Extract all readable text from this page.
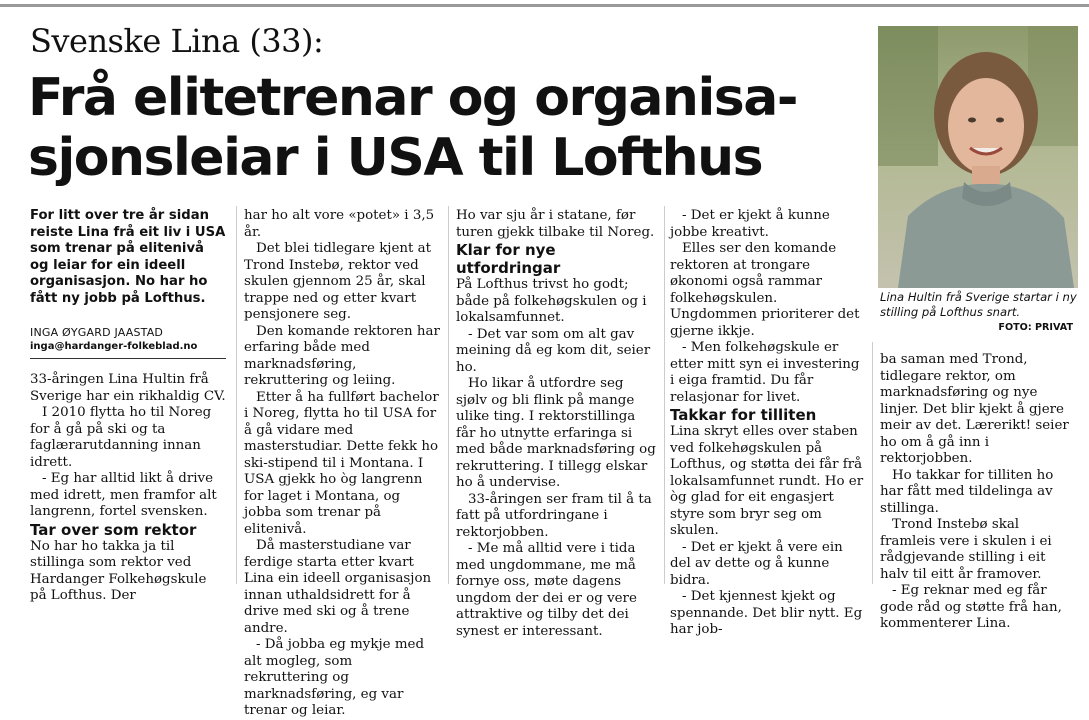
Svenske Lina (33):
Frå elitetrenar og organisa-
sjonsleiar i USA til Lofthus
For litt over tre år sidan reiste Lina frå eit liv i USA som trenar på elitenivå og leiar for ein ideell organisasjon. No har ho fått ny jobb på Lofthus.
INGA ØYGARD JAASTAD
inga@hardanger-folkeblad.no

33-åringen Lina Hultin frå Sverige har ein rikhaldig CV.

I 2010 flytta ho til Noreg for å gå på ski og ta faglærarutdanning innan idrett.

- Eg har alltid likt å drive med idrett, men framfor alt langrenn, fortel svensken.

Tar over som rektor

No har ho takka ja til stillinga som rektor ved Hardanger Folkehøgskule på Lofthus. Der

har ho alt vore «potet» i 3,5 år.

Det blei tidlegare kjent at Trond Instebø, rektor ved skulen gjennom 25 år, skal trappe ned og etter kvart pensjonere seg.

Den komande rektoren har erfaring både med marknadsføring, rekruttering og leiing.

Etter å ha fullført bachelor i Noreg, flytta ho til USA for å gå vidare med masterstudiar. Dette fekk ho ski-stipend til i Montana. I USA gjekk ho òg langrenn for laget i Montana, og jobba som trenar på elitenivå.

Då masterstudiane var ferdige starta etter kvart Lina ein ideell organisasjon innan uthaldsidrett for å drive med ski og å trene andre.

- Då jobba eg mykje med alt mogleg, som rekruttering og marknadsføring, eg var trenar og leiar.

Ho var sju år i statane, før turen gjekk tilbake til Noreg.

Klar for nye utfordringar

På Lofthus trivst ho godt; både på folkehøgskulen og i lokalsamfunnet.

- Det var som om alt gav meining då eg kom dit, seier ho.

Ho likar å utfordre seg sjølv og bli flink på mange ulike ting. I rektorstillinga får ho utnytte erfaringa si med både marknadsføring og rekruttering. I tillegg elskar ho å undervise.

33-åringen ser fram til å ta fatt på utfordringane i rektorjobben.

- Me må alltid vere i tida med ungdommane, me må fornye oss, møte dagens ungdom der dei er og vere attraktive og tilby det dei synest er interessant.

- Det er kjekt å kunne jobbe kreativt.

Elles ser den komande rektoren at trongare økonomi også rammar folkehøgskulen. Ungdommen prioriterer det gjerne ikkje.

- Men folkehøgskule er etter mitt syn ei investering i eiga framtid. Du får relasjonar for livet.

Takkar for tilliten

Lina skryt elles over staben ved folkehøgskulen på Lofthus, og støtta dei får frå lokalsamfunnet rundt. Ho er òg glad for eit engasjert styre som bryr seg om skulen.

- Det er kjekt å vere ein del av dette og å kunne bidra.

- Det kjennest kjekt og spennande. Det blir nytt. Eg har job-

ba saman med Trond, tidlegare rektor, om marknadsføring og nye linjer. Det blir kjekt å gjere meir av det. Lærerikt! seier ho om å gå inn i rektorjobben.

Ho takkar for tilliten ho har fått med tildelinga av stillinga.

Trond Instebø skal framleis vere i skulen i ei rådgjevande stilling i eit halv til eitt år framover.

- Eg reknar med eg får gode råd og støtte frå han, kommenterer Lina.

Lina Hultin frå Sverige startar i ny stilling på Lofthus snart.
FOTO: PRIVAT
